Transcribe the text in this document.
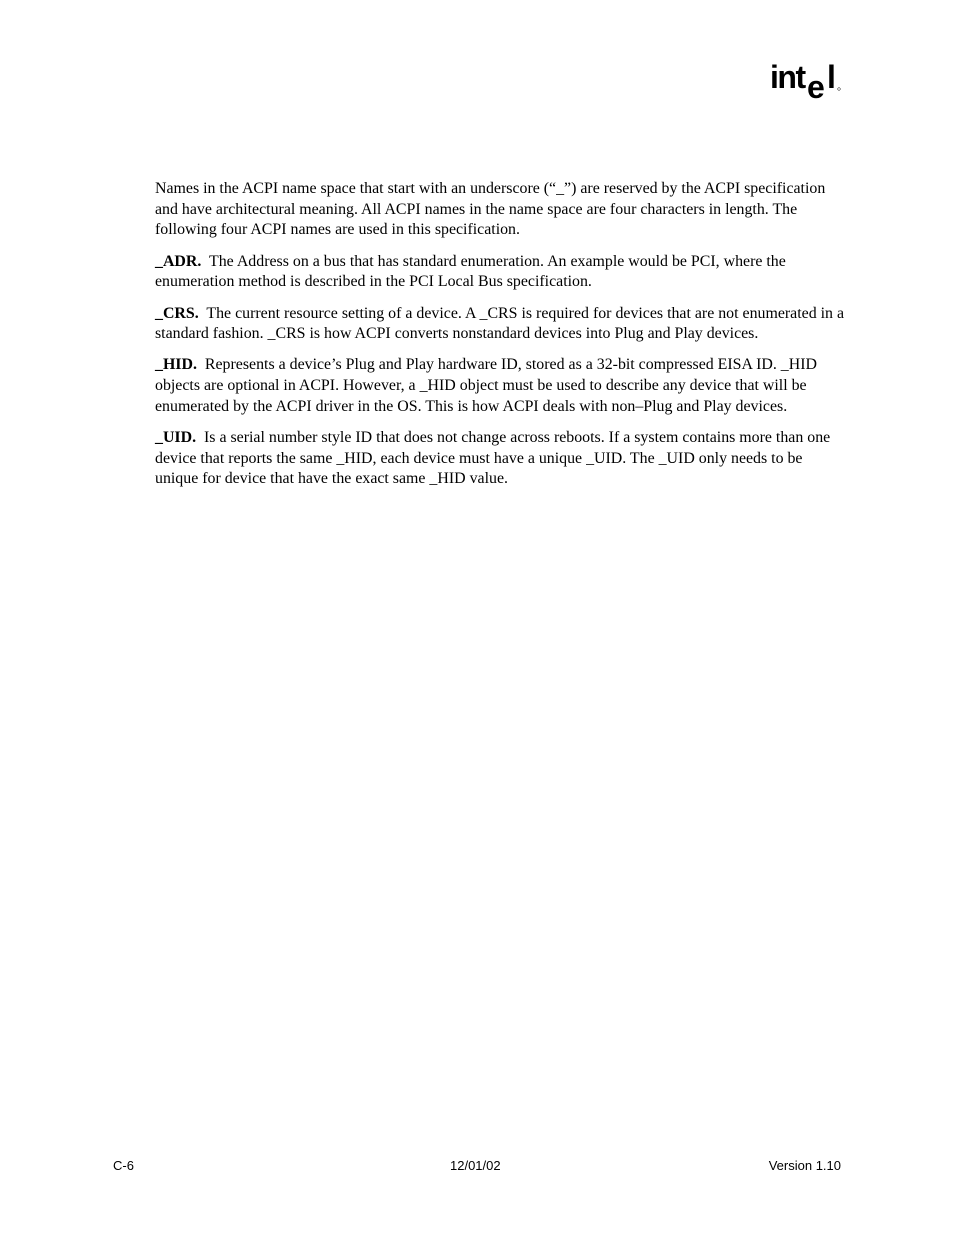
int e l

Names in the ACPI name space that start with an underscore (“_”) are reserved by the ACPI specification and have architectural meaning. All ACPI names in the name space are four characters in length. The following four ACPI names are used in this specification.

_ADR. The Address on a bus that has standard enumeration. An example would be PCI, where the enumeration method is described in the PCI Local Bus specification.

_CRS. The current resource setting of a device. A _CRS is required for devices that are not enumerated in a standard fashion. _CRS is how ACPI converts nonstandard devices into Plug and Play devices.

_HID. Represents a device’s Plug and Play hardware ID, stored as a 32-bit compressed EISA ID. _HID objects are optional in ACPI. However, a _HID object must be used to describe any device that will be enumerated by the ACPI driver in the OS. This is how ACPI deals with non–Plug and Play devices.

_UID. Is a serial number style ID that does not change across reboots. If a system contains more than one device that reports the same _HID, each device must have a unique _UID. The _UID only needs to be unique for device that have the exact same _HID value.

C-6	12/01/02	Version 1.10
